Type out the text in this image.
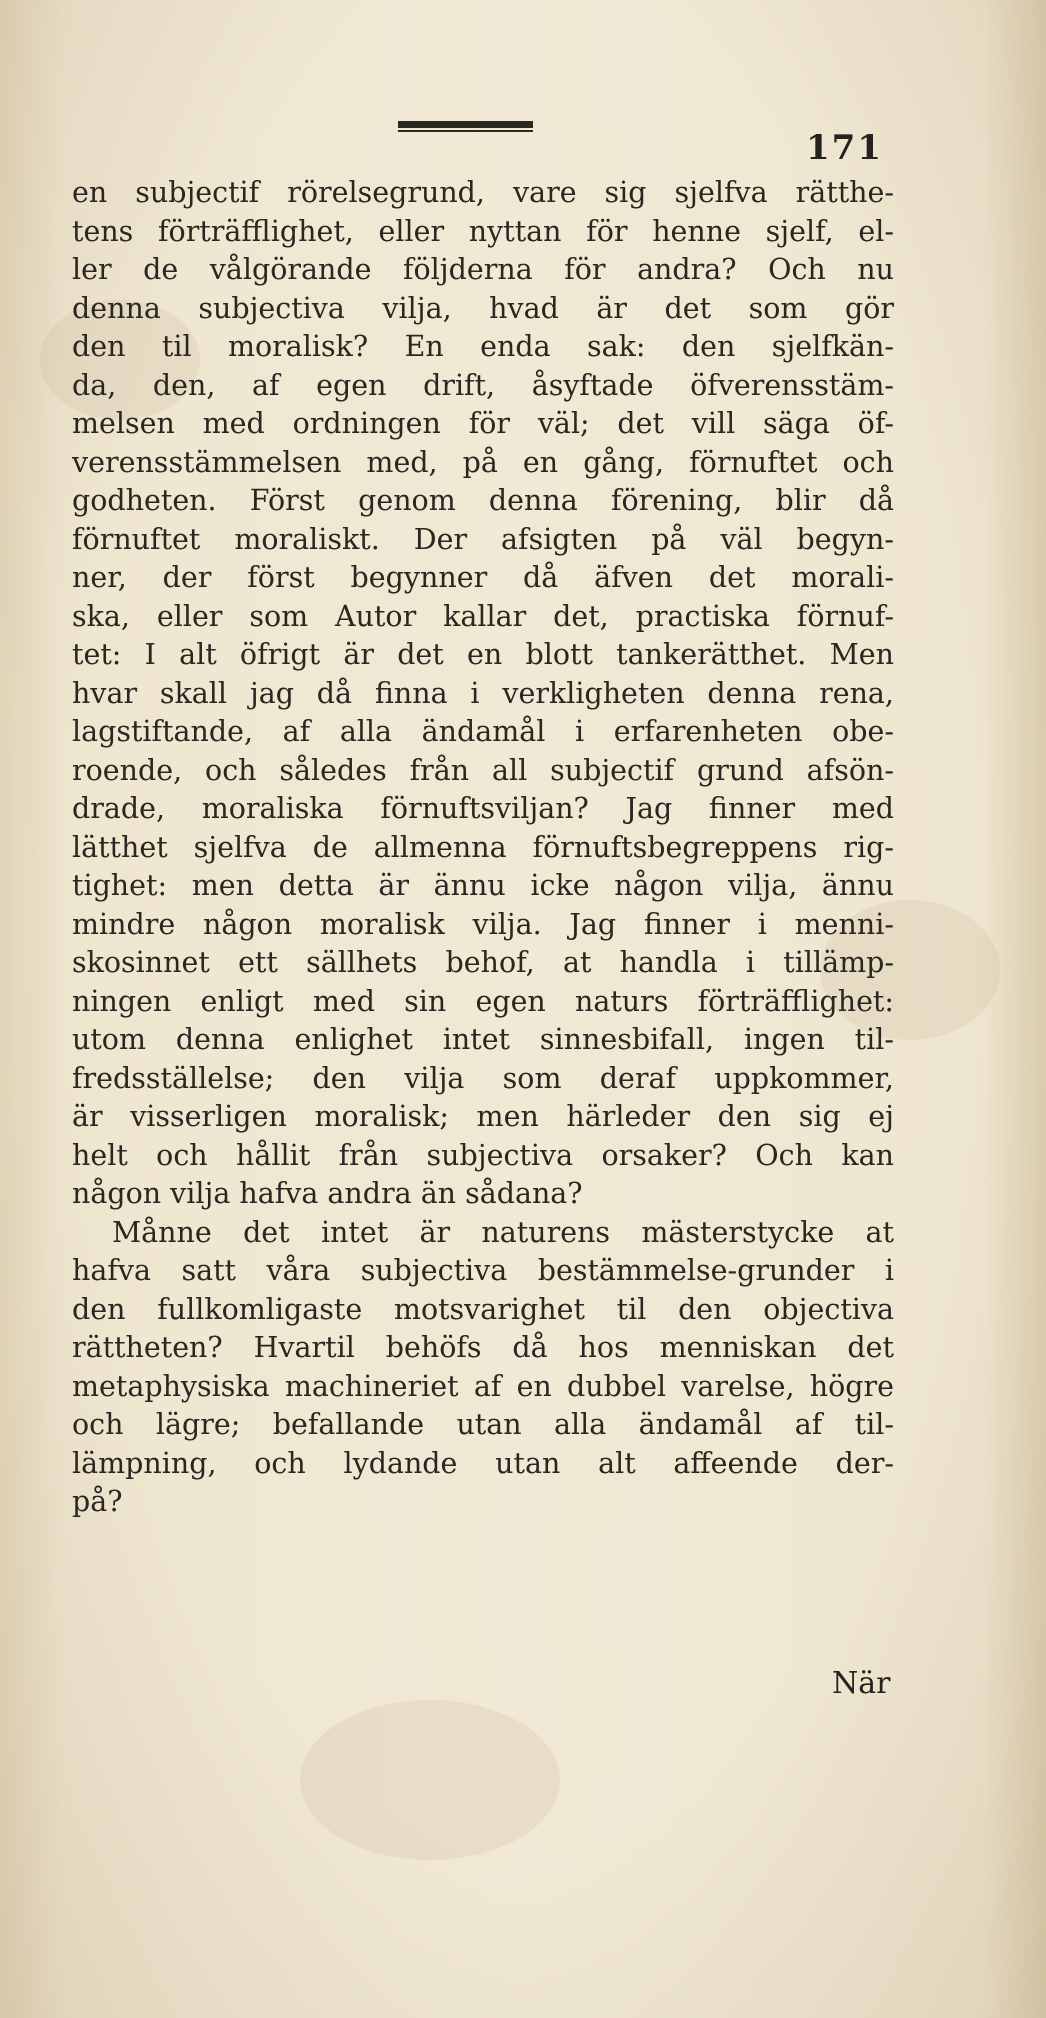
171
en subjectif rörelsegrund, vare sig sjelfva rätthe-
tens förträfflighet, eller nyttan för henne sjelf, el-
ler de vålgörande följderna för andra? Och nu
denna subjectiva vilja, hvad är det som gör
den til moralisk? En enda sak: den sjelfkän-
da, den, af egen drift, åsyftade öfverensstäm-
melsen med ordningen för väl; det vill säga öf-
verensstämmelsen med, på en gång, förnuftet och
godheten. Först genom denna förening, blir då
förnuftet moraliskt. Der afsigten på väl begyn-
ner, der först begynner då äfven det morali-
ska, eller som Autor kallar det, practiska förnuf-
tet: I alt öfrigt är det en blott tankerätthet. Men
hvar skall jag då finna i verkligheten denna rena,
lagstiftande, af alla ändamål i erfarenheten obe-
roende, och således från all subjectif grund afsön-
drade, moraliska förnuftsviljan? Jag finner med
lätthet sjelfva de allmenna förnuftsbegreppens rig-
tighet: men detta är ännu icke någon vilja, ännu
mindre någon moralisk vilja. Jag finner i menni-
skosinnet ett sällhets behof, at handla i tillämp-
ningen enligt med sin egen naturs förträfflighet:
utom denna enlighet intet sinnesbifall, ingen til-
fredsställelse; den vilja som deraf uppkommer,
är visserligen moralisk; men härleder den sig ej
helt och hållit från subjectiva orsaker? Och kan
någon vilja hafva andra än sådana?
Månne det intet är naturens mästerstycke at
hafva satt våra subjectiva bestämmelse-grunder i
den fullkomligaste motsvarighet til den objectiva
rättheten? Hvartil behöfs då hos menniskan det
metaphysiska machineriet af en dubbel varelse, högre
och lägre; befallande utan alla ändamål af til-
lämpning, och lydande utan alt affeende der-
på?
När
